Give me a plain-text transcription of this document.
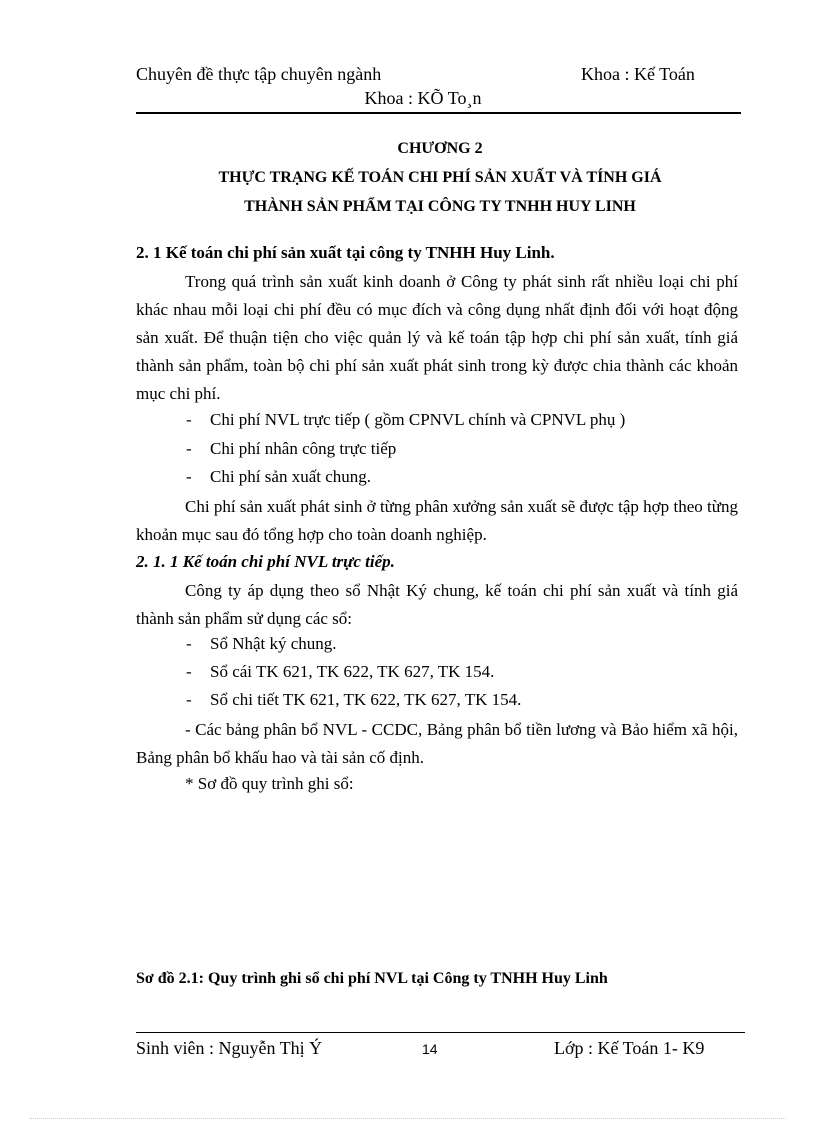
Chuyên đề thực tập chuyên ngành	Khoa : Kế Toán
Khoa : KÕ To¸n
CHƯƠNG 2
THỰC TRẠNG KẾ TOÁN CHI PHÍ SẢN XUẤT VÀ TÍNH GIÁ
THÀNH SẢN PHẨM TẠI CÔNG TY TNHH HUY LINH
2. 1 Kế toán chi phí sản xuất tại công ty TNHH Huy Linh.
Trong quá trình sản xuất kinh doanh ở Công ty phát sinh rất nhiều loại chi phí khác nhau mỗi loại chi phí đều có mục đích và công dụng nhất định đối với hoạt động sản xuất. Để thuận tiện cho việc quản lý và kế toán tập hợp chi phí sản xuất, tính giá thành sản phẩm, toàn bộ chi phí sản xuất phát sinh trong kỳ được chia thành các khoản mục chi phí.
- Chi phí NVL trực tiếp ( gồm CPNVL chính và CPNVL phụ )
- Chi phí nhân công trực tiếp
- Chi phí sản xuất chung.
Chi phí sản xuất phát sinh ở từng phân xưởng sản xuất sẽ được tập hợp theo từng khoản mục sau đó tổng hợp cho toàn doanh nghiệp.
2. 1. 1 Kế toán chi phí NVL trực tiếp.
Công ty áp dụng theo sổ Nhật Ký chung, kế toán chi phí sản xuất và tính giá thành sản phẩm sử dụng các sổ:
- Sổ Nhật ký chung.
- Sổ cái TK 621, TK 622, TK 627, TK 154.
- Sổ chi tiết TK 621, TK 622, TK 627, TK 154.
- Các bảng phân bổ NVL - CCDC, Bảng phân bổ tiền lương và Bảo hiểm xã hội, Bảng phân bổ khấu hao và tài sản cố định.
* Sơ đồ quy trình ghi sổ:
Sơ đồ 2.1: Quy trình ghi sổ chi phí NVL tại Công ty TNHH Huy Linh
Sinh viên : Nguyễn Thị Ý	14	Lớp : Kế Toán 1- K9
